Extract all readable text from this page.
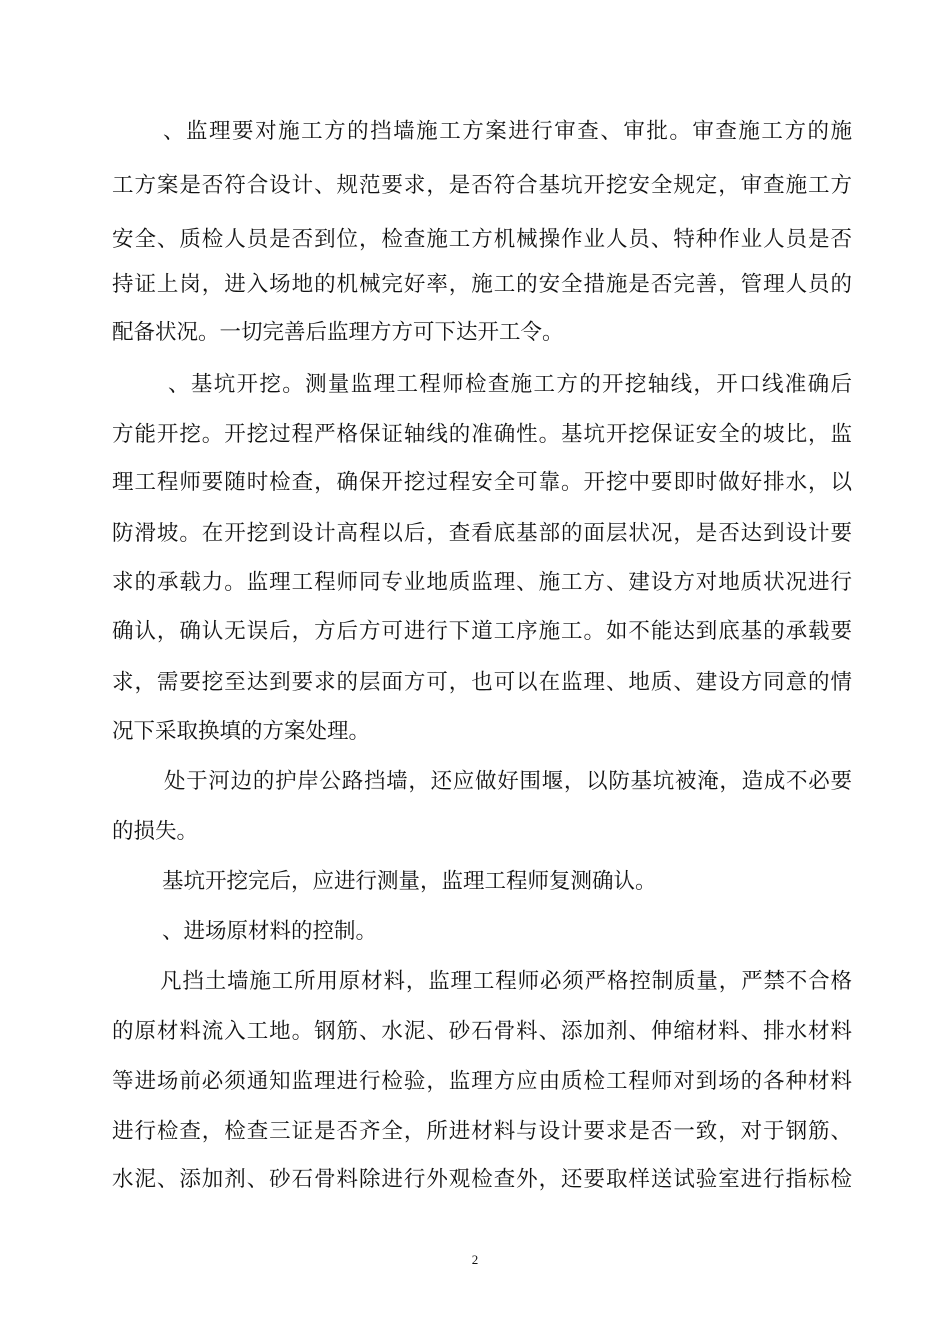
、监理要对施工方的挡墙施工方案进行审查、审批。审查施工方的施
工方案是否符合设计、规范要求，是否符合基坑开挖安全规定，审查施工方
安全、质检人员是否到位，检查施工方机械操作业人员、特种作业人员是否
持证上岗，进入场地的机械完好率，施工的安全措施是否完善，管理人员的
配备状况。一切完善后监理方方可下达开工令。
、基坑开挖。测量监理工程师检查施工方的开挖轴线，开口线准确后
方能开挖。开挖过程严格保证轴线的准确性。基坑开挖保证安全的坡比，监
理工程师要随时检查，确保开挖过程安全可靠。开挖中要即时做好排水，以
防滑坡。在开挖到设计高程以后，查看底基部的面层状况，是否达到设计要
求的承载力。监理工程师同专业地质监理、施工方、建设方对地质状况进行
确认，确认无误后，方后方可进行下道工序施工。如不能达到底基的承载要
求，需要挖至达到要求的层面方可，也可以在监理、地质、建设方同意的情
况下采取换填的方案处理。
处于河边的护岸公路挡墙，还应做好围堰，以防基坑被淹，造成不必要
的损失。
基坑开挖完后，应进行测量，监理工程师复测确认。
、进场原材料的控制。
凡挡土墙施工所用原材料，监理工程师必须严格控制质量，严禁不合格
的原材料流入工地。钢筋、水泥、砂石骨料、添加剂、伸缩材料、排水材料
等进场前必须通知监理进行检验，监理方应由质检工程师对到场的各种材料
进行检查，检查三证是否齐全，所进材料与设计要求是否一致，对于钢筋、
水泥、添加剂、砂石骨料除进行外观检查外，还要取样送试验室进行指标检
2
